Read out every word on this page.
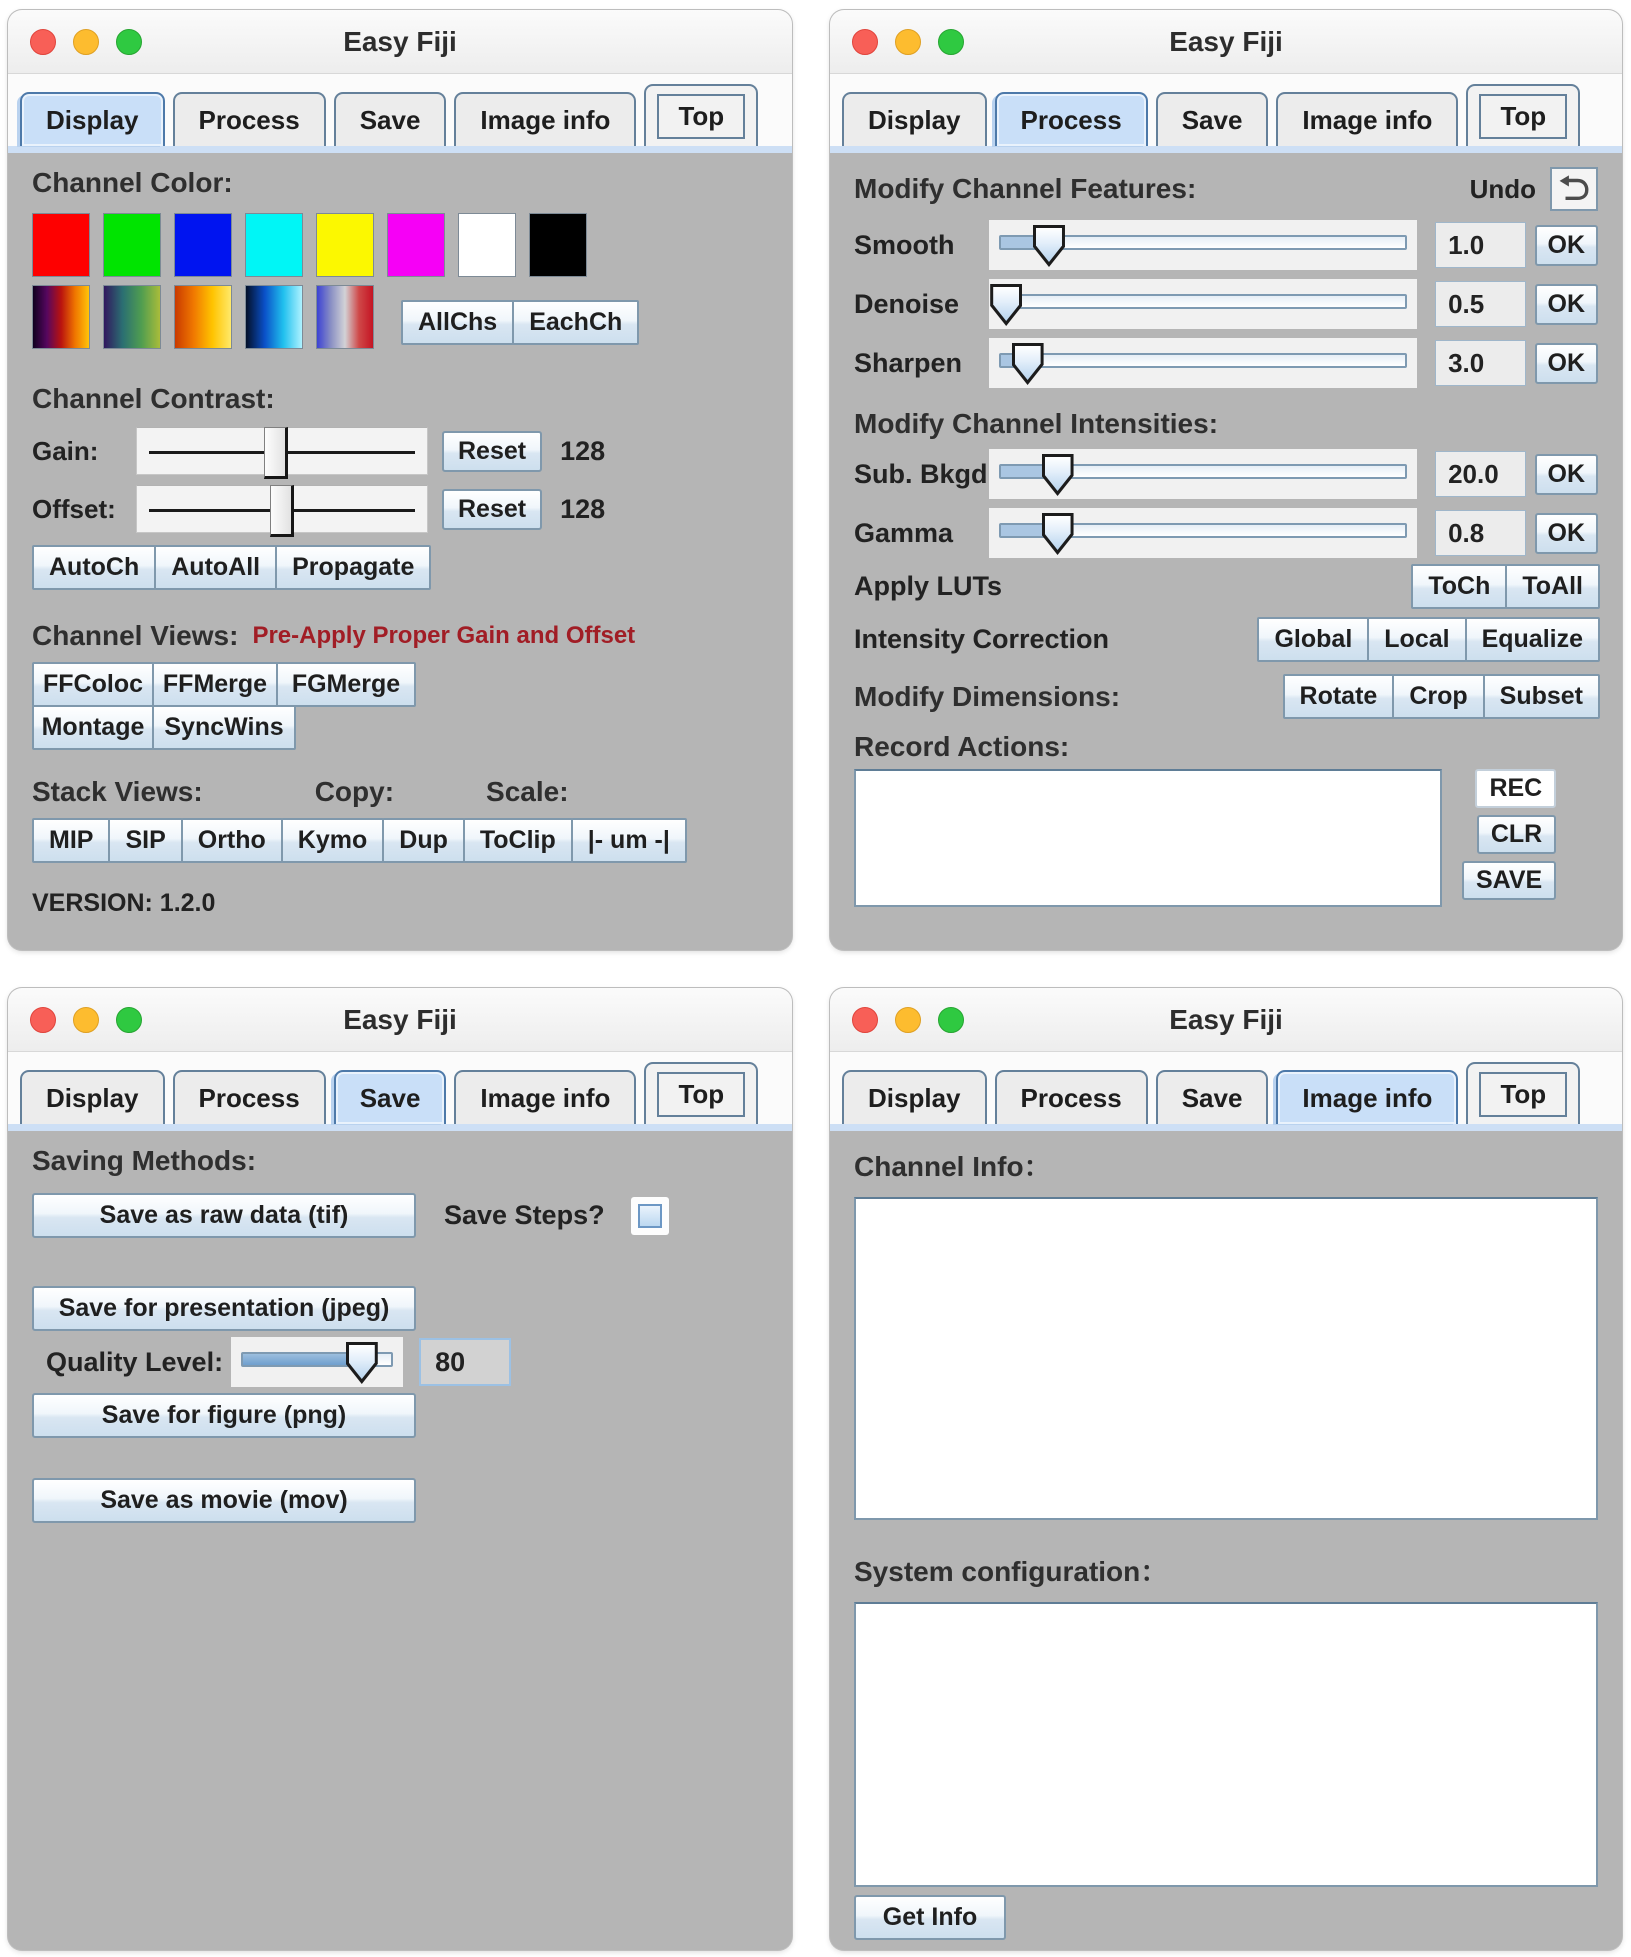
Easy Fiji
Display	Process	Save	Image info	Top
Channel Color:
AllChs	EachCh
Channel Contrast:
Gain:	Reset	128
Offset:	Reset	128
AutoCh	AutoAll	Propagate
Channel Views: Pre-Apply Proper Gain and Offset
FFColoc FFMerge FGMerge
Montage SyncWins
Stack Views:	Copy:	Scale:
MIP	SIP	Ortho	Kymo	Dup	ToClip	|- um -|
VERSION: 1.2.0
Easy Fiji
Display	Process	Save	Image info	Top
Modify Channel Features:	Undo
Smooth	1.0	OK
Denoise	0.5	OK
Sharpen	3.0	OK
Modify Channel Intensities:
Sub. Bkgd	20.0	OK
Gamma	0.8	OK
Apply LUTs	ToCh	ToAll
Intensity Correction	Global	Local	Equalize
Modify Dimensions:	Rotate	Crop	Subset
Record Actions:
REC
CLR
SAVE
Easy Fiji
Display	Process	Save	Image info	Top
Saving Methods:
Save as raw data (tif)	Save Steps?
Save for presentation (jpeg)
Quality Level:	80
Save for figure (png)
Save as movie (mov)
Easy Fiji
Display	Process	Save	Image info	Top
Channel Info：
System configuration：
Get Info
